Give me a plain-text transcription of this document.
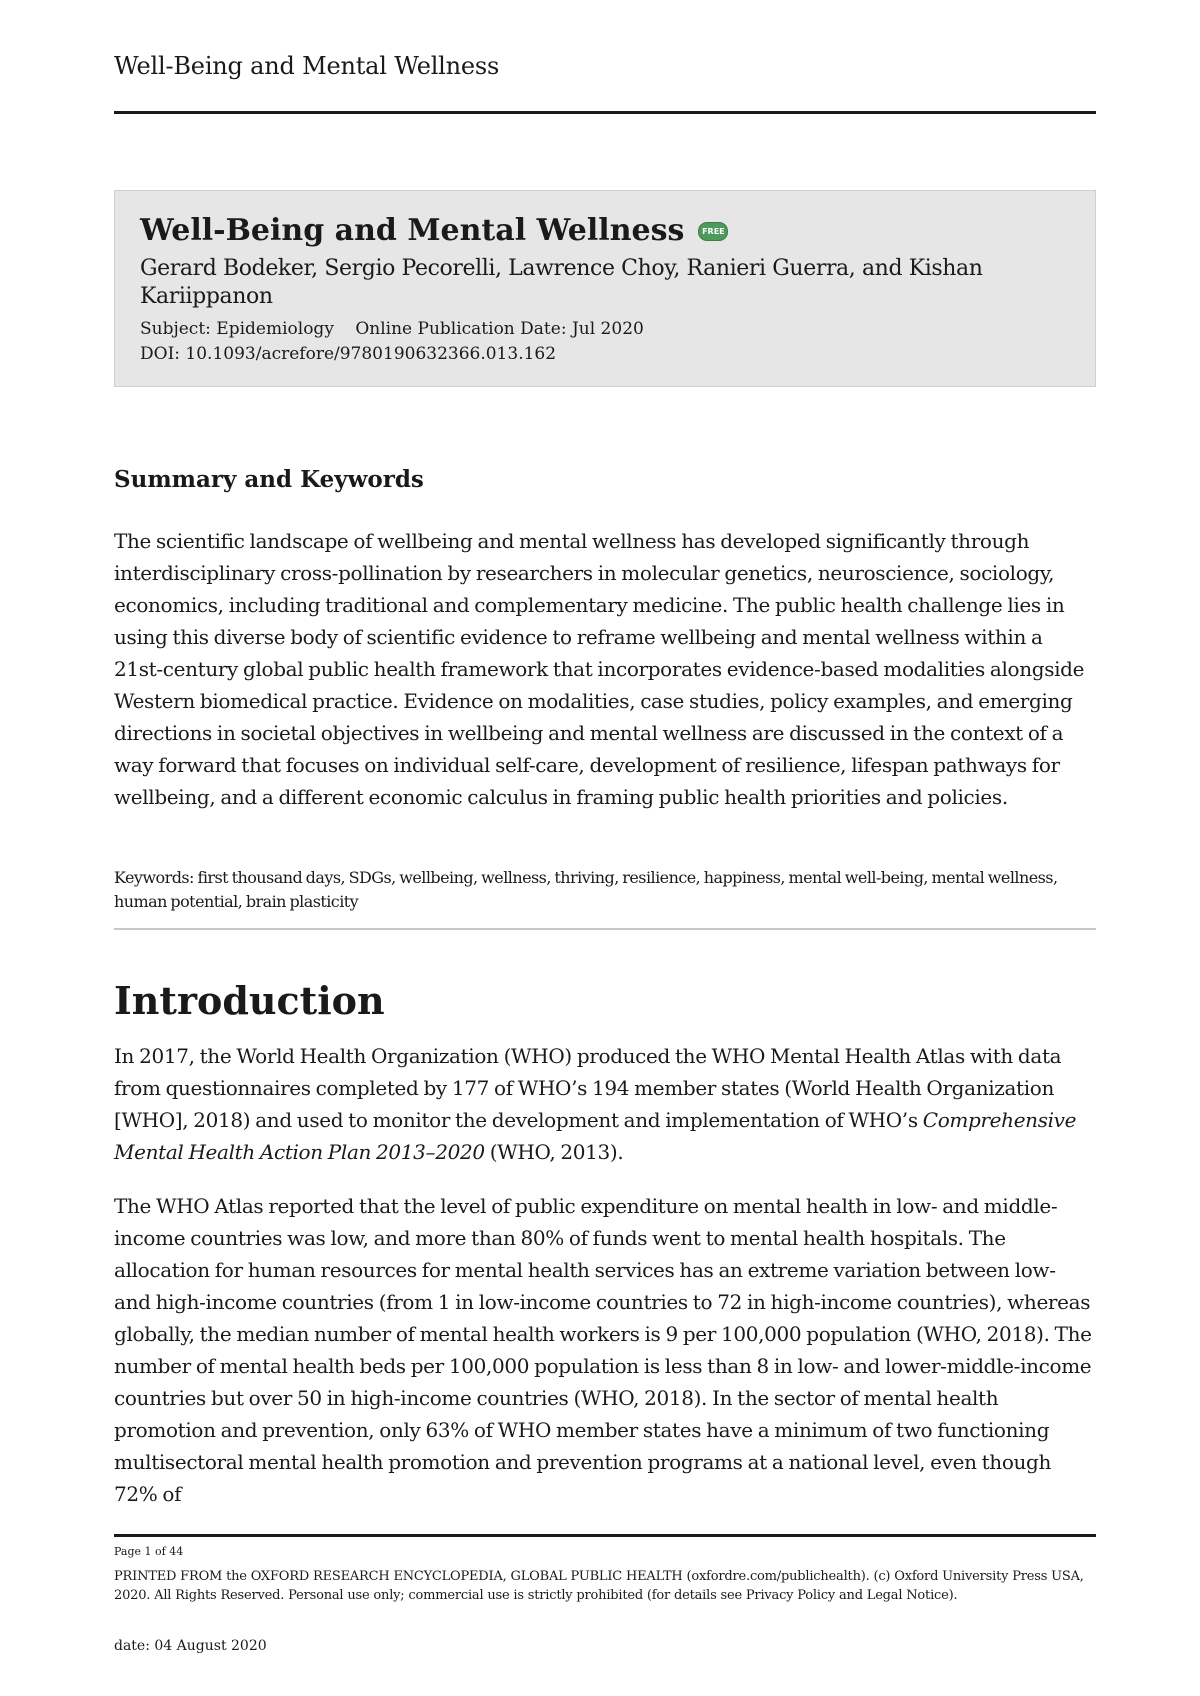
Well-Being and Mental Wellness
Well-Being and Mental Wellness	FREE
Gerard Bodeker, Sergio Pecorelli, Lawrence Choy, Ranieri Guerra, and Kishan Kariippanon
Subject: Epidemiology Online Publication Date: Jul 2020
DOI: 10.1093/acrefore/9780190632366.013.162
Summary and Keywords

The scientific landscape of wellbeing and mental wellness has developed significantly through interdisciplinary cross-pollination by researchers in molecular genetics, neuroscience, sociology, economics, including traditional and complementary medicine. The public health challenge lies in using this diverse body of scientific evidence to reframe wellbeing and mental wellness within a 21st-century global public health framework that incorporates evidence-based modalities alongside Western biomedical practice. Evidence on modalities, case studies, policy examples, and emerging directions in societal objectives in wellbeing and mental wellness are discussed in the context of a way forward that focuses on individual self-care, development of resilience, lifespan pathways for wellbeing, and a different economic calculus in framing public health priorities and policies.

Keywords: first thousand days, SDGs, wellbeing, wellness, thriving, resilience, happiness, mental well-being, mental wellness, human potential, brain plasticity

Introduction

In 2017, the World Health Organization (WHO) produced the WHO Mental Health Atlas with data from questionnaires completed by 177 of WHO’s 194 member states (World Health Organization [WHO], 2018) and used to monitor the development and implementation of WHO’s Comprehensive Mental Health Action Plan 2013–2020 (WHO, 2013).

The WHO Atlas reported that the level of public expenditure on mental health in low- and middle-income countries was low, and more than 80% of funds went to mental health hospitals. The allocation for human resources for mental health services has an extreme variation between low- and high-income countries (from 1 in low-income countries to 72 in high-income countries), whereas globally, the median number of mental health workers is 9 per 100,000 population (WHO, 2018). The number of mental health beds per 100,000 population is less than 8 in low- and lower-middle-income countries but over 50 in high-income countries (WHO, 2018). In the sector of mental health promotion and prevention, only 63% of WHO member states have a minimum of two functioning multisectoral mental health promotion and prevention programs at a national level, even though 72% of

Page 1 of 44

PRINTED FROM the OXFORD RESEARCH ENCYCLOPEDIA, GLOBAL PUBLIC HEALTH (oxfordre.com/publichealth). (c) Oxford University Press USA, 2020. All Rights Reserved. Personal use only; commercial use is strictly prohibited (for details see Privacy Policy and Legal Notice).

date: 04 August 2020
